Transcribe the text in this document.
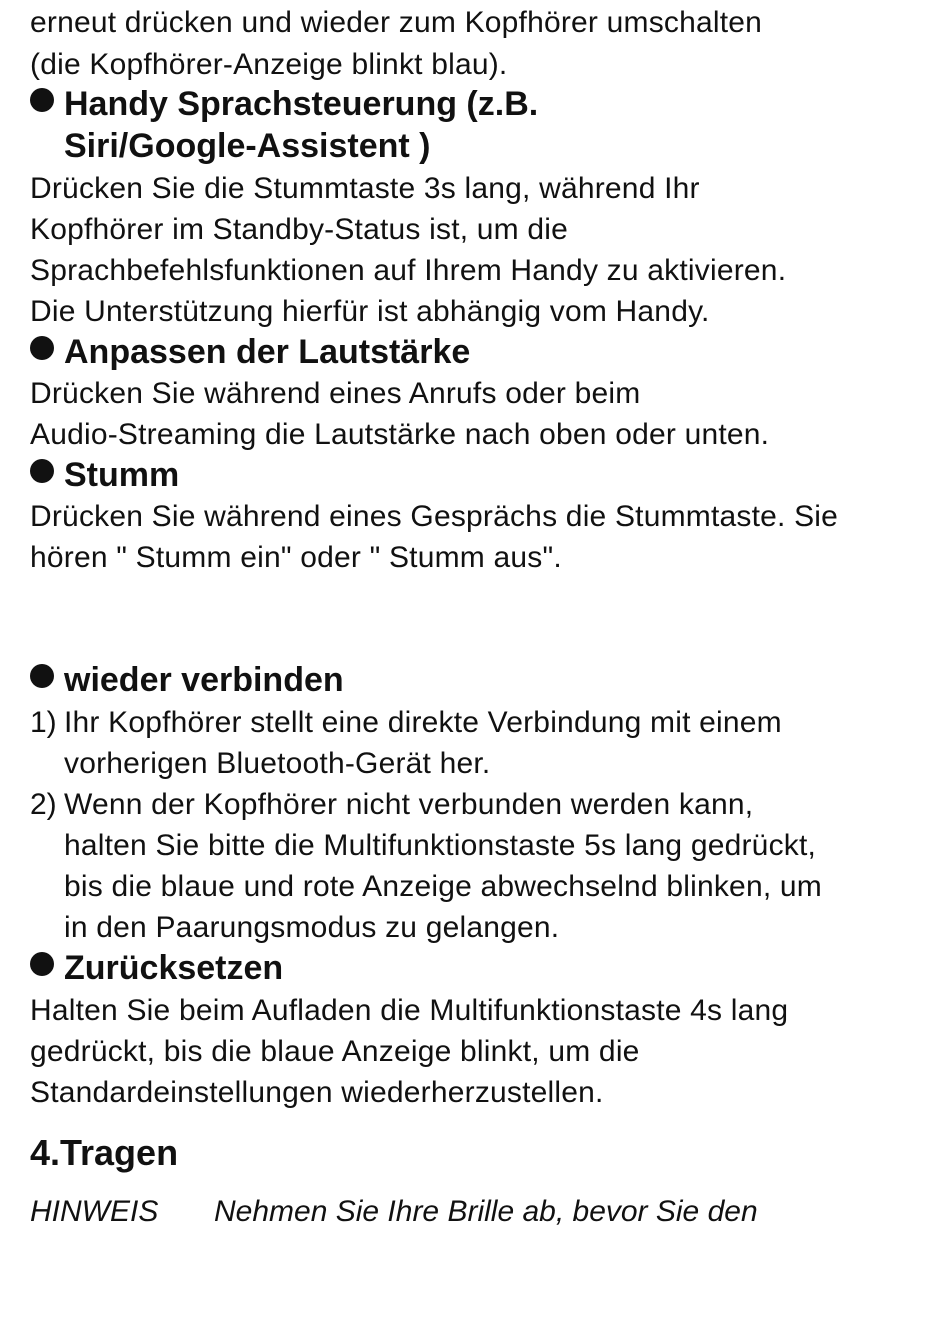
erneut drücken und wieder zum Kopfhörer umschalten
(die Kopfhörer-Anzeige blinkt blau).
Handy Sprachsteuerung (z.B.
Siri/Google-Assistent )
Drücken Sie die Stummtaste 3s lang, während Ihr
Kopfhörer im Standby-Status ist, um die
Sprachbefehlsfunktionen auf Ihrem Handy zu aktivieren.
Die Unterstützung hierfür ist abhängig vom Handy.
Anpassen der Lautstärke
Drücken Sie während eines Anrufs oder beim
Audio-Streaming die Lautstärke nach oben oder unten.
Stumm
Drücken Sie während eines Gesprächs die Stummtaste. Sie
hören " Stumm ein" oder " Stumm aus".
wieder verbinden
1) Ihr Kopfhörer stellt eine direkte Verbindung mit einem
vorherigen Bluetooth-Gerät her.
2) Wenn der Kopfhörer nicht verbunden werden kann,
halten Sie bitte die Multifunktionstaste 5s lang gedrückt,
bis die blaue und rote Anzeige abwechselnd blinken, um
in den Paarungsmodus zu gelangen.
Zurücksetzen
Halten Sie beim Aufladen die Multifunktionstaste 4s lang
gedrückt, bis die blaue Anzeige blinkt, um die
Standardeinstellungen wiederherzustellen.
4.Tragen
HINWEIS Nehmen Sie Ihre Brille ab, bevor Sie den
